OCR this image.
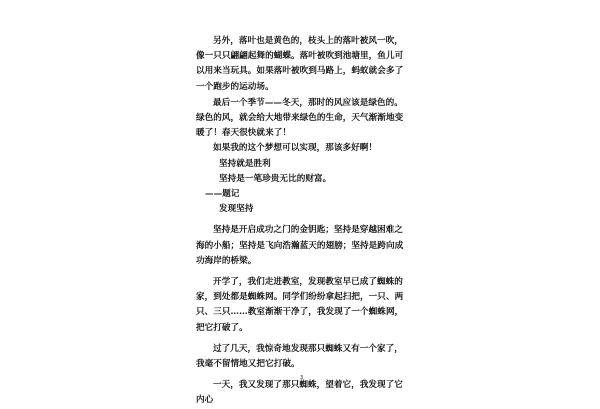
另外，落叶也是黄色的，枝头上的落叶被风一吹，像一只只翩翩起舞的蝴蝶。落叶被吹到池塘里，鱼儿可以用来当玩具。如果落叶被吹到马路上，蚂蚁就会多了一个跑步的运动场。

最后一个季节——冬天，那时的风应该是绿色的。绿色的风，就会给大地带来绿色的生命，天气渐渐地变暖了！春天很快就来了！

如果我的这个梦想可以实现，那该多好啊！

坚持就是胜利

坚持是一笔珍贵无比的财富。

——题记

发现坚持

坚持是开启成功之门的金钥匙；坚持是穿越困难之海的小船；坚持是飞向浩瀚蓝天的翅膀；坚持是跨向成功海岸的桥梁。

开学了，我们走进教室，发现教室早已成了蜘蛛的家，到处都是蜘蛛网。同学们纷纷拿起扫把，一只、两只、三只……教室渐渐干净了，我发现了一个蜘蛛网，把它打破了。

过了几天，我惊奇地发现那只蜘蛛又有一个家了，我毫不留情地又把它打破。

一天，我又发现了那只蜘蛛，望着它，我发现了它内心

3
